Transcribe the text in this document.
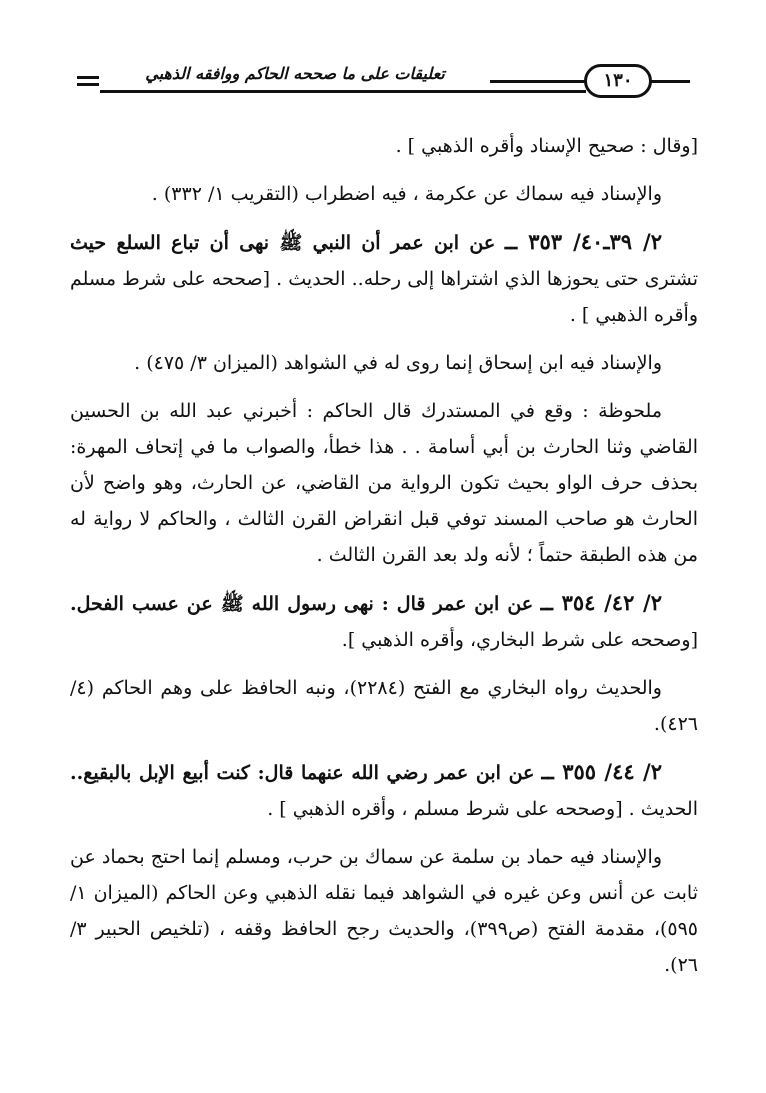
١٣٠
تعليقات على ما صححه الحاكم ووافقه الذهبي

[وقال : صحيح الإسناد وأقره الذهبي ] .

والإسناد فيه سماك عن عكرمة ، فيه اضطراب (التقريب ١/ ٣٣٢) .

٢/ ٣٩ـ٤٠/ ٣٥٣ ــ عن ابن عمر أن النبي ﷺ نهى أن تباع السلع حيث تشترى حتى يحوزها الذي اشتراها إلى رحله.. الحديث . [صححه على شرط مسلم وأقره الذهبي ] .

والإسناد فيه ابن إسحاق إنما روى له في الشواهد (الميزان ٣/ ٤٧٥) .

ملحوظة : وقع في المستدرك قال الحاكم : أخبرني عبد الله بن الحسين القاضي وثنا الحارث بن أبي أسامة . . هذا خطأ، والصواب ما في إتحاف المهرة: بحذف حرف الواو بحيث تكون الرواية من القاضي، عن الحارث، وهو واضح لأن الحارث هو صاحب المسند توفي قبل انقراض القرن الثالث ، والحاكم لا رواية له من هذه الطبقة حتماً ؛ لأنه ولد بعد القرن الثالث .

٢/ ٤٢/ ٣٥٤ ــ عن ابن عمر قال : نهى رسول الله ﷺ عن عسب الفحل. [وصححه على شرط البخاري، وأقره الذهبي ].

والحديث رواه البخاري مع الفتح (٢٢٨٤)، ونبه الحافظ على وهم الحاكم (٤/ ٤٢٦).

٢/ ٤٤/ ٣٥٥ ــ عن ابن عمر رضي الله عنهما قال: كنت أبيع الإبل بالبقيع.. الحديث . [وصححه على شرط مسلم ، وأقره الذهبي ] .

والإسناد فيه حماد بن سلمة عن سماك بن حرب، ومسلم إنما احتج بحماد عن ثابت عن أنس وعن غيره في الشواهد فيما نقله الذهبي وعن الحاكم (الميزان ١/ ٥٩٥)، مقدمة الفتح (ص٣٩٩)، والحديث رجح الحافظ وقفه ، (تلخيص الحبير ٣/ ٢٦).
